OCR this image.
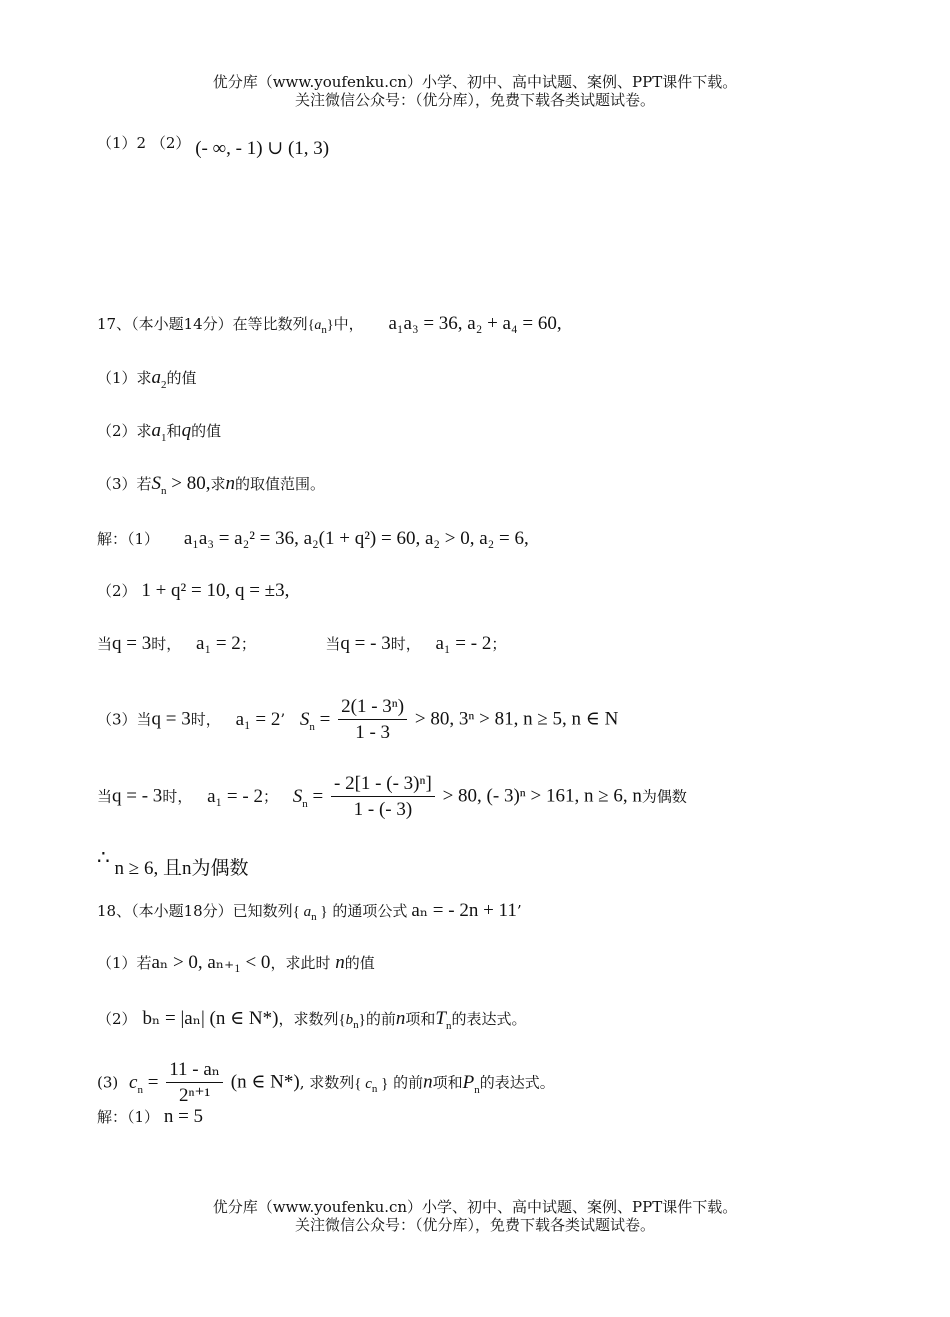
优分库（www.youfenku.cn）小学、初中、高中试题、案例、PPT课件下载。
关注微信公众号：（优分库），免费下载各类试题试卷。
（1）2 （2） (- ∞, - 1) ∪ (1, 3)
17、（本小题14分）在等比数列$\{a_n\}$中， a₁a₃ = 36, a₂ + a₄ = 60,
（1）求$a_2$的值
（2）求$a_1$和q的值
（3）若$S_n > 80$,求n的取值范围。
解：（1） a₁a₃ = a₂² = 36, a₂(1 + q²) = 60, a₂ > 0, a₂ = 6,
（2） 1 + q² = 10, q = ±3,
当q = 3时， a₁ = 2；	当q = - 3时， a₁ = - 2；
（3）当q = 3时， a₁ = 2’ $S_n = \frac{\text{2(1 - 3ⁿ)}}{1 - 3} > 80$, 3ⁿ > 81, n ≥ 5, n ∈ N
当q = - 3时， a₁ = - 2； $S_n = \frac{\text{- 2[1 - (- 3)ⁿ]}}{1 - (- 3)} > 80$, (- 3)ⁿ > 161, n ≥ 6, n为偶数
∴ n ≥ 6, 且n为偶数
18、（本小题18分）已知数列{ $a_n$ } 的通项公式 aₙ = - 2n + 11’
（1）若aₙ > 0, aₙ₊₁ < 0，求此时 n的值
（2） bₙ = |aₙ| (n ∈ N*)，求数列$\{b_n\}$的前n项和$T_n$的表达式。
(3) $c_n = \frac{\text{11 - aₙ}}{\text{2ⁿ⁺¹}} (n$ ∈ N*), 求数列{ $c_n$ } 的前n项和$P_n$的表达式。
解：（1） n = 5
优分库（www.youfenku.cn）小学、初中、高中试题、案例、PPT课件下载。
关注微信公众号：（优分库），免费下载各类试题试卷。
